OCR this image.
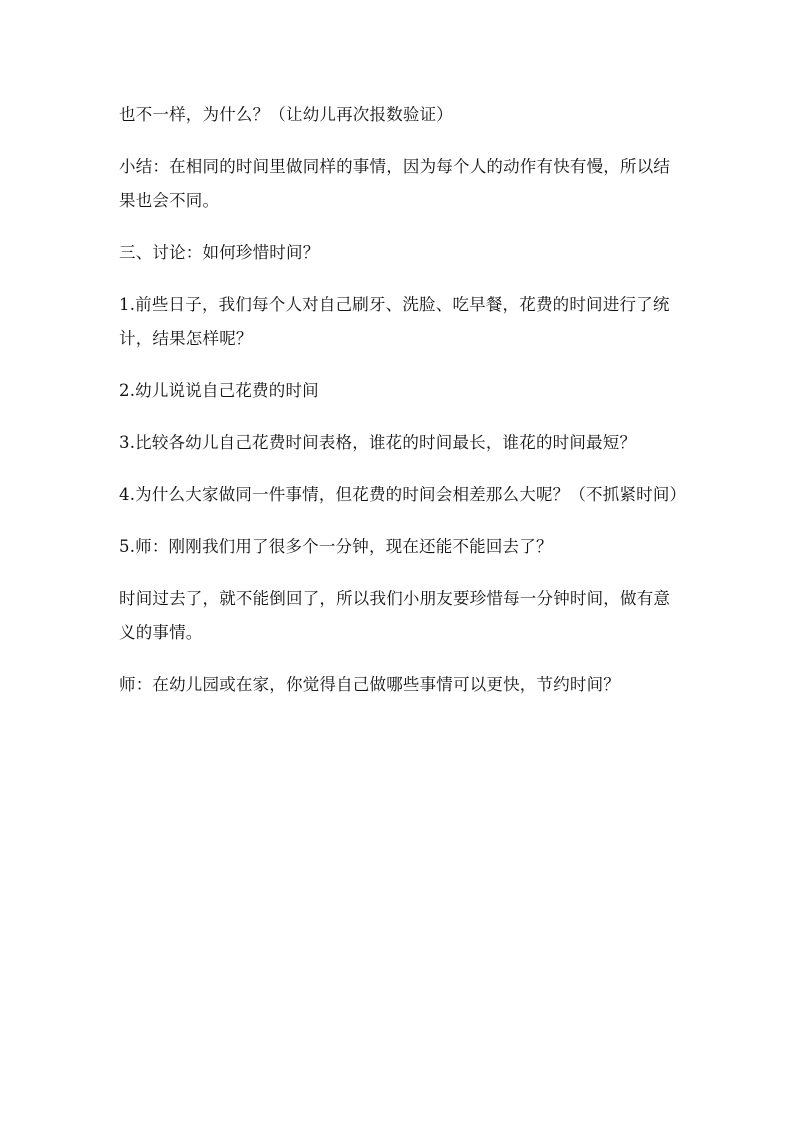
也不一样，为什么？（让幼儿再次报数验证）

小结：在相同的时间里做同样的事情，因为每个人的动作有快有慢，所以结果也会不同。

三、讨论：如何珍惜时间？

1.前些日子，我们每个人对自己刷牙、洗脸、吃早餐，花费的时间进行了统计，结果怎样呢？

2.幼儿说说自己花费的时间

3.比较各幼儿自己花费时间表格，谁花的时间最长，谁花的时间最短？

4.为什么大家做同一件事情，但花费的时间会相差那么大呢？（不抓紧时间）

5.师：刚刚我们用了很多个一分钟，现在还能不能回去了？

时间过去了，就不能倒回了，所以我们小朋友要珍惜每一分钟时间，做有意义的事情。

师：在幼儿园或在家，你觉得自己做哪些事情可以更快，节约时间？
